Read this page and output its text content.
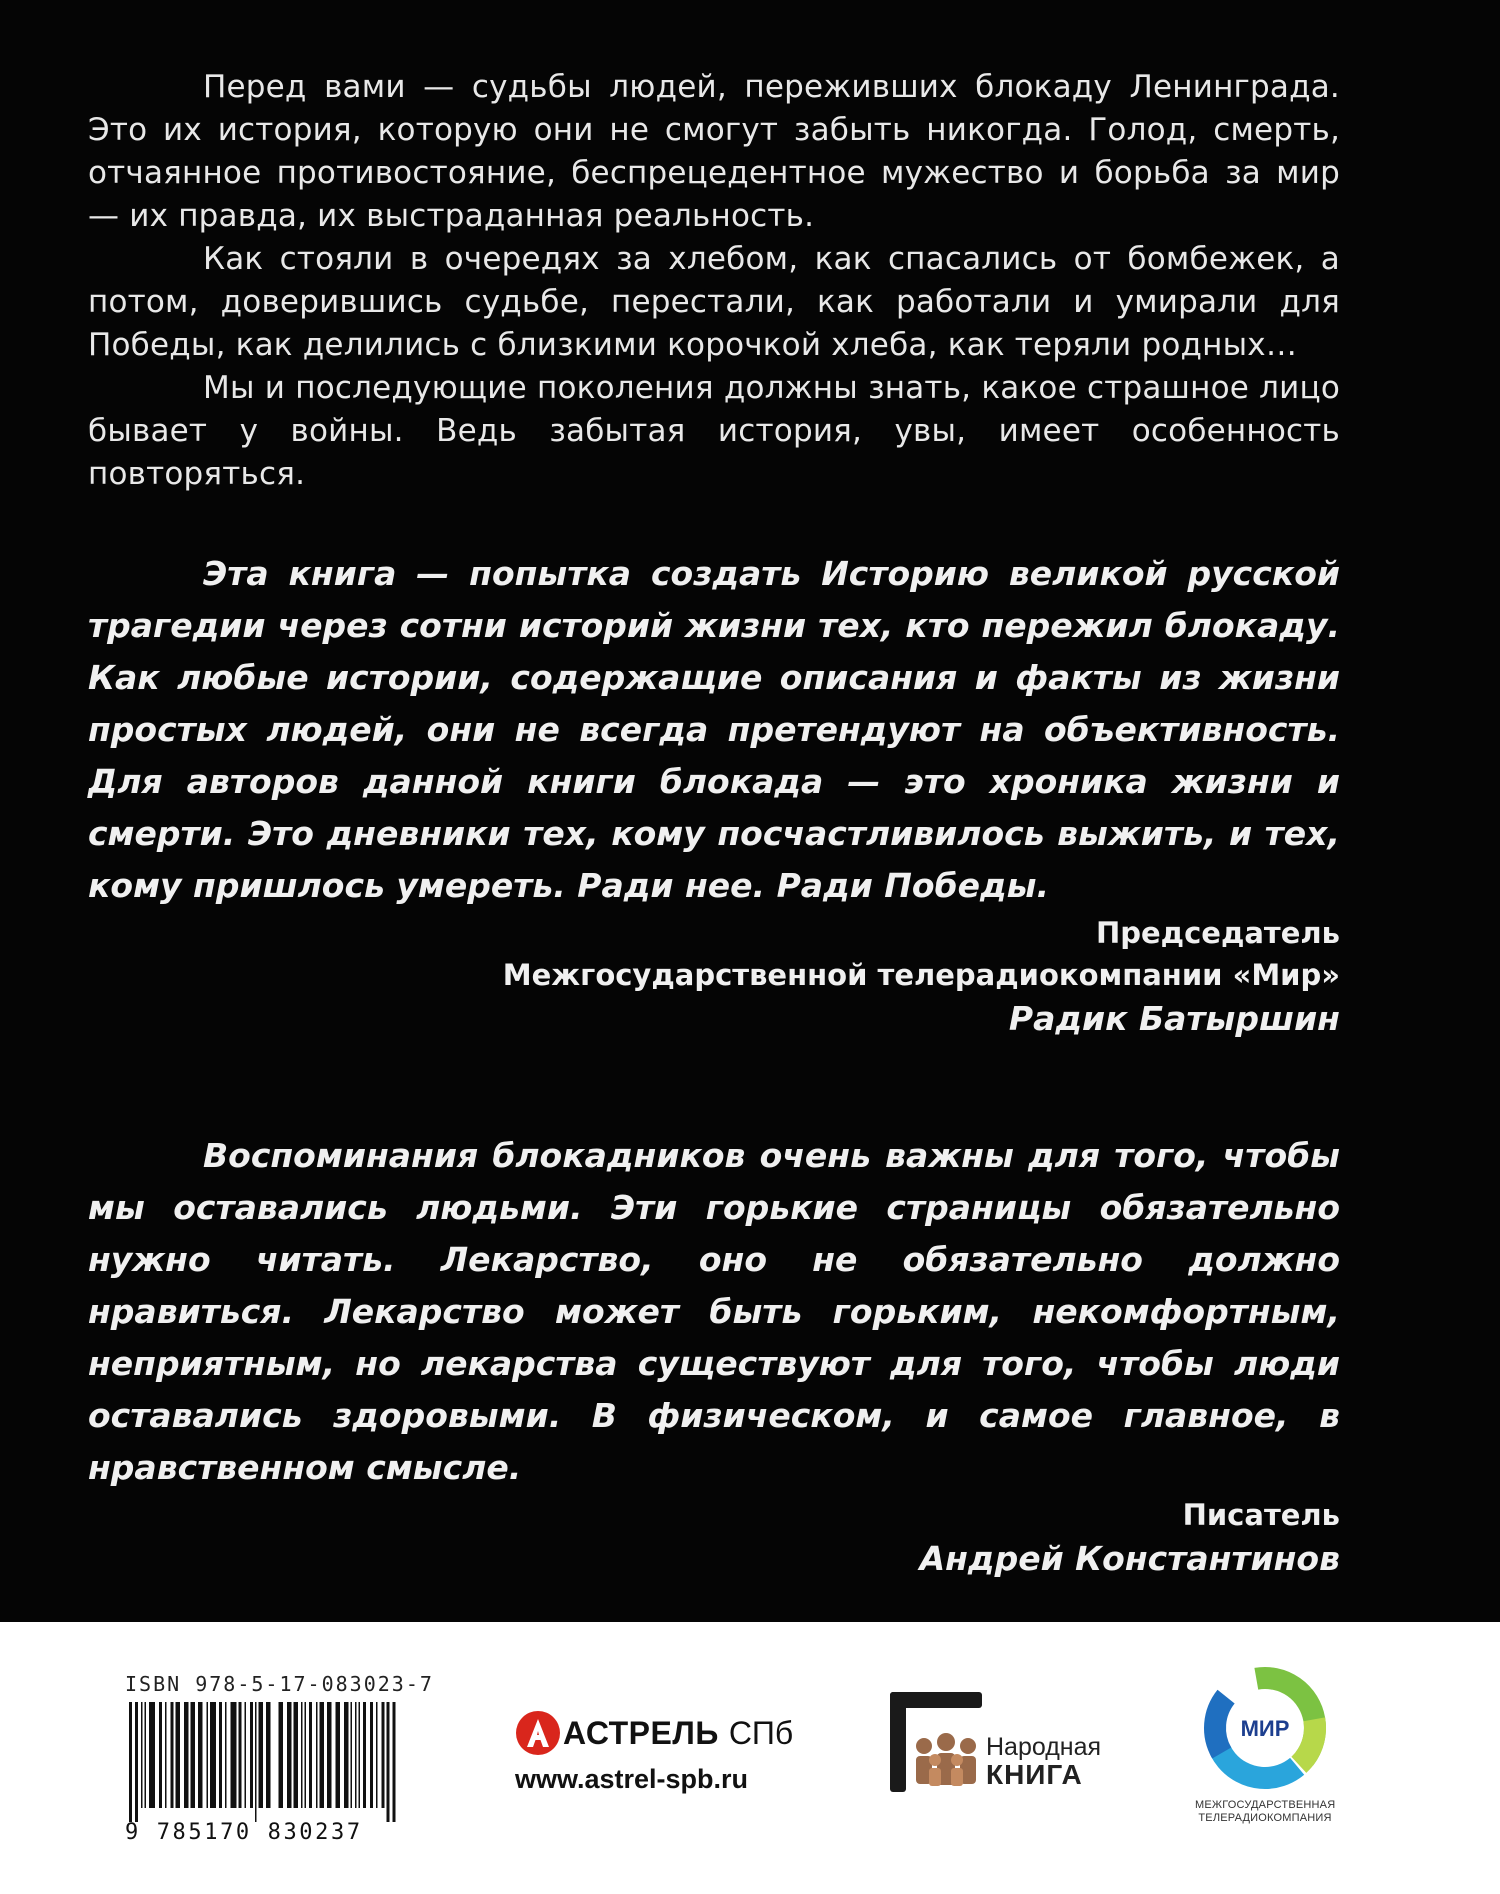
Перед вами — судьбы людей, переживших блокаду Ленинграда. Это их история, которую они не смогут забыть никогда. Голод, смерть, отчаянное противостояние, беспрецедентное мужество и борьба за мир — их правда, их выстраданная реальность.

Как стояли в очередях за хлебом, как спасались от бомбежек, а потом, доверившись судьбе, перестали, как работали и умирали для Победы, как делились с близкими корочкой хлеба, как теряли родных…

Мы и последующие поколения должны знать, какое страшное лицо бывает у войны. Ведь забытая история, увы, имеет особенность повторяться.

Эта книга — попытка создать Историю великой русской трагедии через сотни историй жизни тех, кто пережил блокаду. Как любые истории, содержащие описания и факты из жизни простых людей, они не всегда претендуют на объективность. Для авторов данной книги блокада — это хроника жизни и смерти. Это дневники тех, кому посчастливилось выжить, и тех, кому пришлось умереть. Ради нее. Ради Победы.

Председатель
Межгосударственной телерадиокомпании «Мир»
Радик Батыршин

Воспоминания блокадников очень важны для того, чтобы мы оставались людьми. Эти горькие страницы обязательно нужно читать. Лекарство, оно не обязательно должно нравиться. Лекарство может быть горьким, некомфортным, неприятным, но лекарства существуют для того, чтобы люди оставались здоровыми. В физическом, и самое главное, в нравственном смысле.

Писатель
Андрей Константинов
ISBN 978-5-17-083023-7
9 785170 830237
АСТРЕЛЬ СПб
www.astrel-spb.ru
Народная
КНИГА
МИР
МЕЖГОСУДАРСТВЕННАЯ
ТЕЛЕРАДИОКОМПАНИЯ
